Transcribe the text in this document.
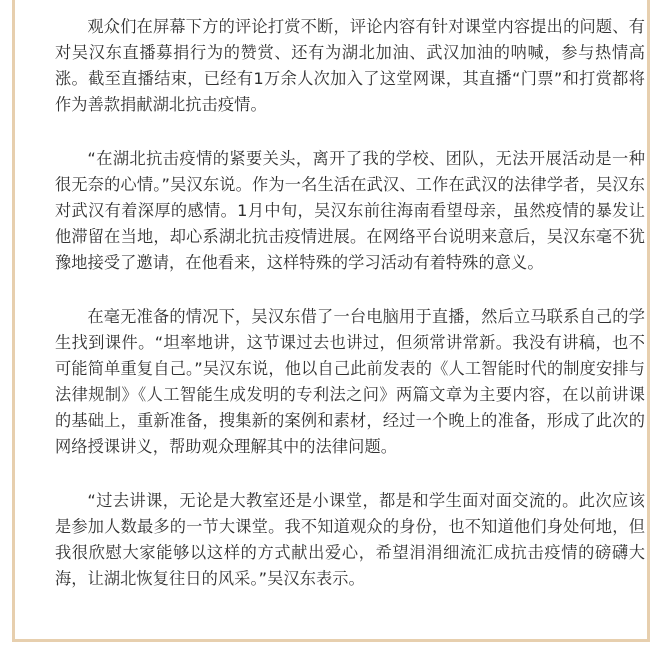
观众们在屏幕下方的评论打赏不断，评论内容有针对课堂内容提出的问题、有对吴汉东直播募捐行为的赞赏、还有为湖北加油、武汉加油的呐喊，参与热情高涨。截至直播结束，已经有1万余人次加入了这堂网课，其直播“门票”和打赏都将作为善款捐献湖北抗击疫情。

“在湖北抗击疫情的紧要关头，离开了我的学校、团队，无法开展活动是一种很无奈的心情。”吴汉东说。作为一名生活在武汉、工作在武汉的法律学者，吴汉东对武汉有着深厚的感情。1月中旬，吴汉东前往海南看望母亲，虽然疫情的暴发让他滞留在当地，却心系湖北抗击疫情进展。在网络平台说明来意后，吴汉东毫不犹豫地接受了邀请，在他看来，这样特殊的学习活动有着特殊的意义。

在毫无准备的情况下，吴汉东借了一台电脑用于直播，然后立马联系自己的学生找到课件。“坦率地讲，这节课过去也讲过，但须常讲常新。我没有讲稿，也不可能简单重复自己。”吴汉东说，他以自己此前发表的《人工智能时代的制度安排与法律规制》《人工智能生成发明的专利法之问》两篇文章为主要内容，在以前讲课的基础上，重新准备，搜集新的案例和素材，经过一个晚上的准备，形成了此次的网络授课讲义，帮助观众理解其中的法律问题。

“过去讲课，无论是大教室还是小课堂，都是和学生面对面交流的。此次应该是参加人数最多的一节大课堂。我不知道观众的身份，也不知道他们身处何地，但我很欣慰大家能够以这样的方式献出爱心，希望涓涓细流汇成抗击疫情的磅礴大海，让湖北恢复往日的风采。”吴汉东表示。
